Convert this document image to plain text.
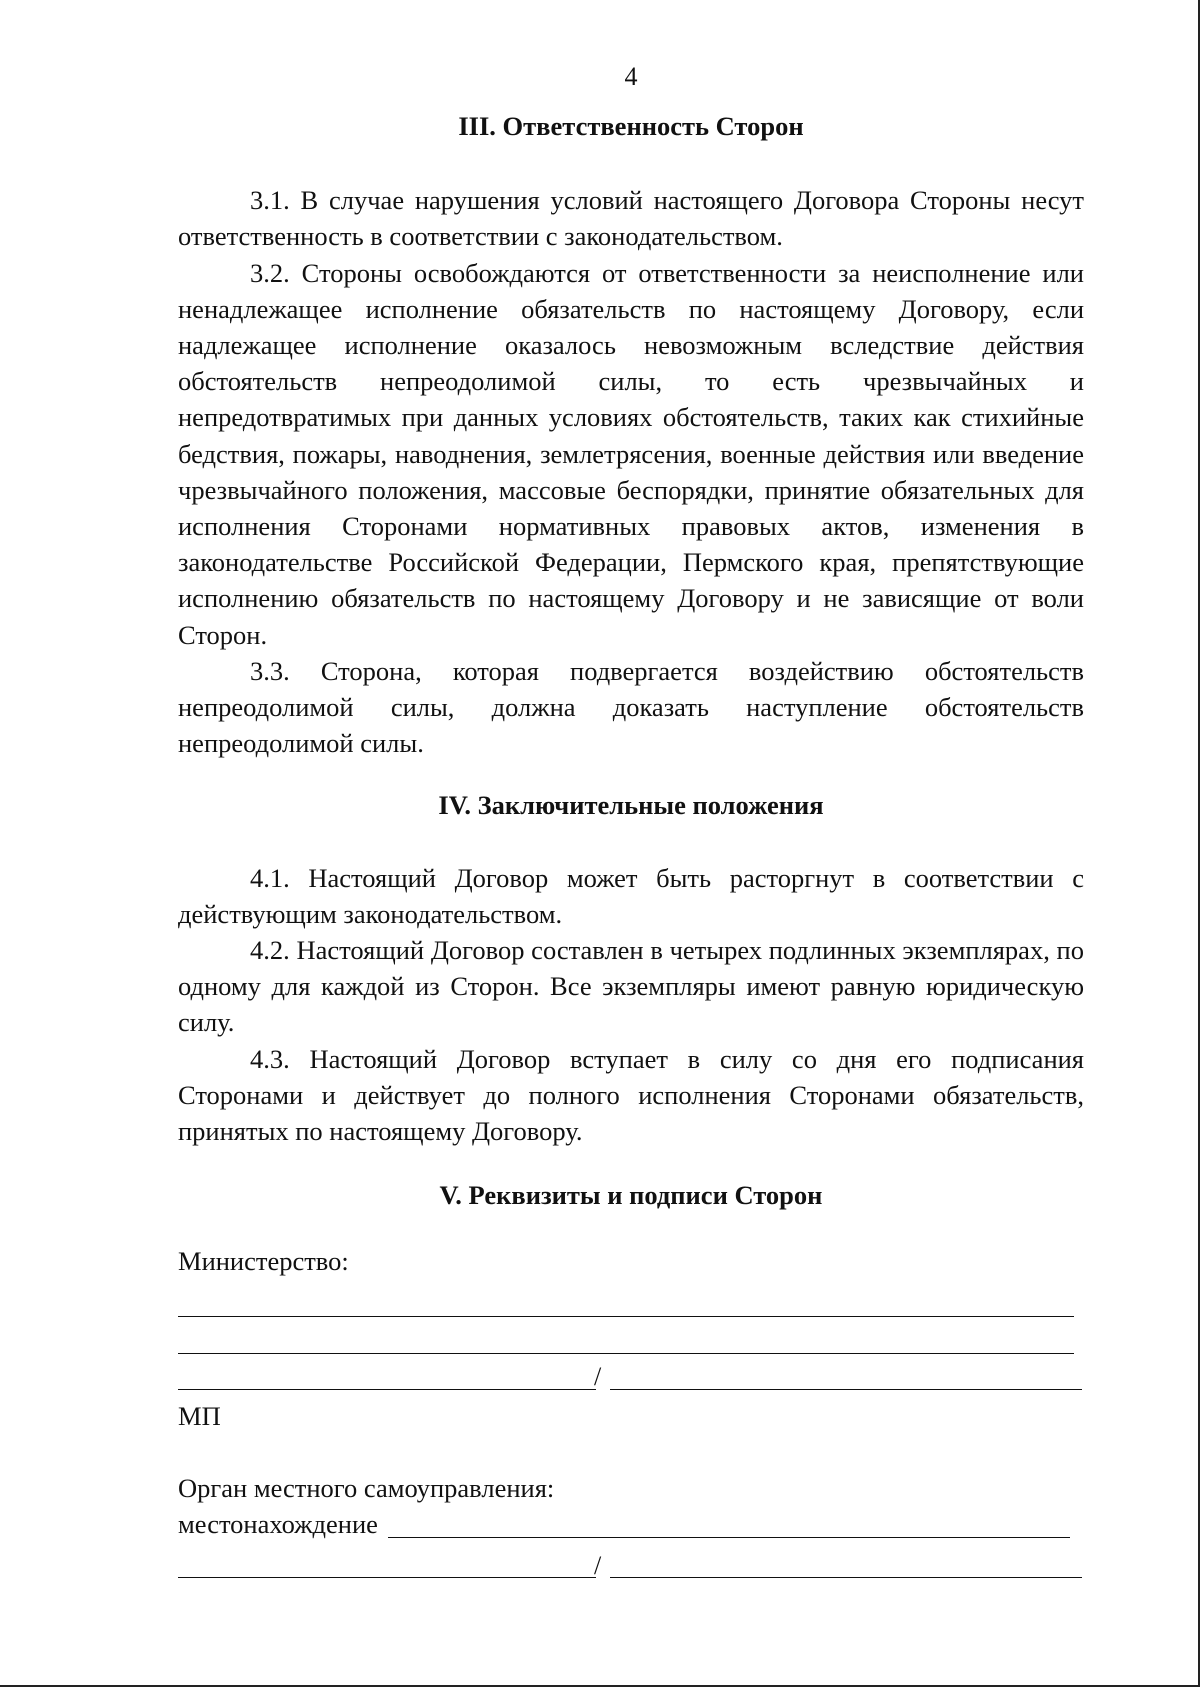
4

III. Ответственность Сторон

3.1. В случае нарушения условий настоящего Договора Стороны несут ответственность в соответствии с законодательством.

3.2. Стороны освобождаются от ответственности за неисполнение или ненадлежащее исполнение обязательств по настоящему Договору, если надлежащее исполнение оказалось невозможным вследствие действия обстоятельств непреодолимой силы, то есть чрезвычайных и непредотвратимых при данных условиях обстоятельств, таких как стихийные бедствия, пожары, наводнения, землетрясения, военные действия или введение чрезвычайного положения, массовые беспорядки, принятие обязательных для исполнения Сторонами нормативных правовых актов, изменения в законодательстве Российской Федерации, Пермского края, препятствующие исполнению обязательств по настоящему Договору и не зависящие от воли Сторон.

3.3. Сторона, которая подвергается воздействию обстоятельств непреодолимой силы, должна доказать наступление обстоятельств непреодолимой силы.

IV. Заключительные положения

4.1. Настоящий Договор может быть расторгнут в соответствии с действующим законодательством.

4.2. Настоящий Договор составлен в четырех подлинных экземплярах, по одному для каждой из Сторон. Все экземпляры имеют равную юридическую силу.

4.3. Настоящий Договор вступает в силу со дня его подписания Сторонами и действует до полного исполнения Сторонами обязательств, принятых по настоящему Договору.

V. Реквизиты и подписи Сторон

Министерство:

/

МП

Орган местного самоуправления:

местонахождение
/
